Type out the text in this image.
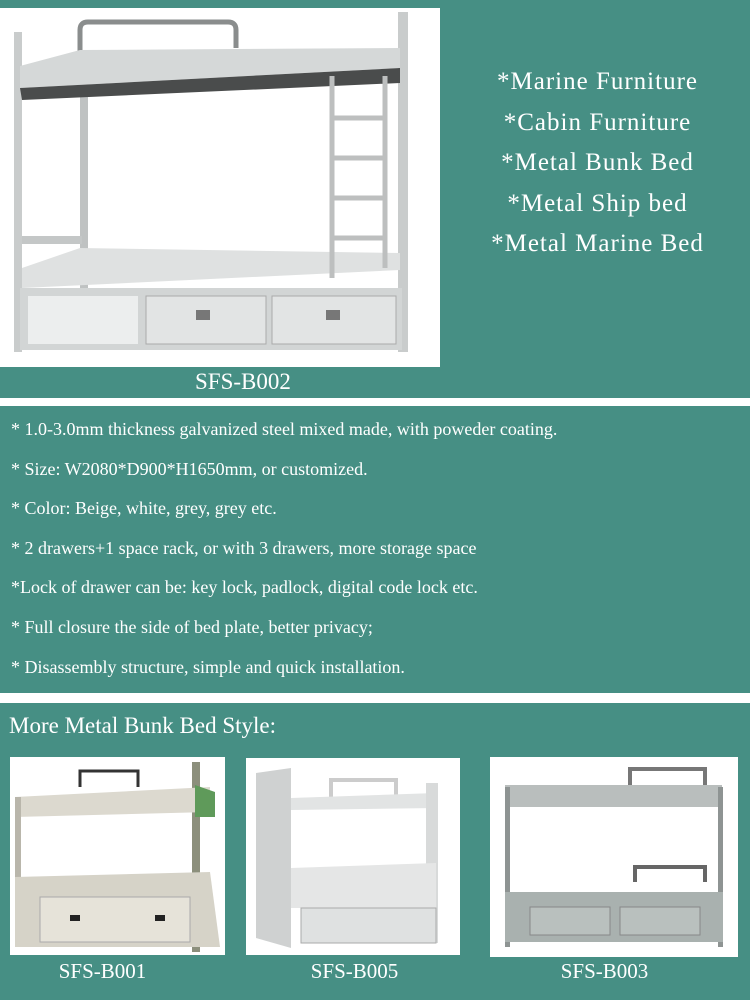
*Marine Furniture
*Cabin Furniture
*Metal Bunk Bed
*Metal Ship bed
*Metal Marine Bed
SFS-B002
* 1.0-3.0mm thickness galvanized steel mixed made, with poweder coating.
* Size: W2080*D900*H1650mm, or customized.
* Color: Beige, white, grey, grey etc.
* 2 drawers+1 space rack, or with 3 drawers, more storage space
*Lock of drawer can be: key lock, padlock, digital code lock etc.
* Full closure the side of bed plate, better privacy;
* Disassembly structure, simple and quick installation.
More Metal Bunk Bed Style:
SFS-B001	SFS-B005	SFS-B003
